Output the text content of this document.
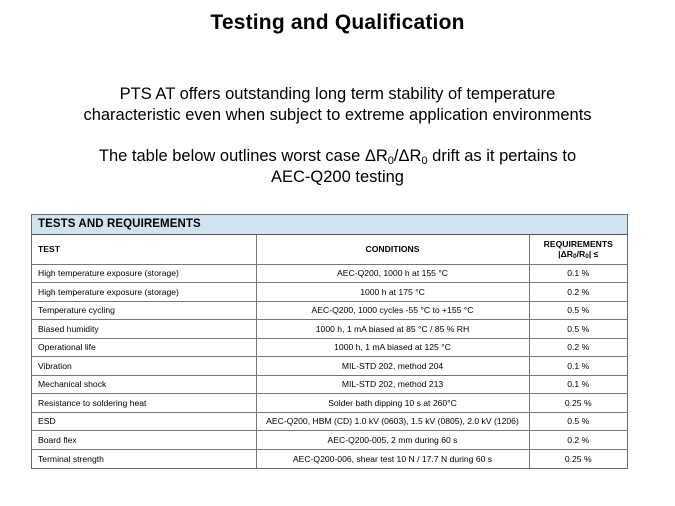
Testing and Qualification
PTS AT offers outstanding long term stability of temperature
characteristic even when subject to extreme application environments
The table below outlines worst case $\Delta R_0/\Delta R_0$ drift as it pertains to
AEC-Q200 testing
TESTS AND REQUIREMENTS		
TEST	CONDITIONS	REQUIREMENTS
$|\Delta R_0/R_0|$ ≤

High temperature exposure (storage)	AEC-Q200, 1000 h at 155 °C	0.1 %
High temperature exposure (storage)	1000 h at 175 °C	0.2 %
Temperature cycling	AEC-Q200, 1000 cycles -55 °C to +155 °C	0.5 %
Biased humidity	1000 h, 1 mA biased at 85 °C / 85 % RH	0.5 %
Operational life	1000 h, 1 mA biased at 125 °C	0.2 %
Vibration	MIL-STD 202, method 204	0.1 %
Mechanical shock	MIL-STD 202, method 213	0.1 %
Resistance to soldering heat	Solder bath dipping 10 s at 260°C	0.25 %
ESD	AEC-Q200, HBM (CD) 1.0 kV (0603), 1.5 kV (0805), 2.0 kV (1206)	0.5 %
Board flex	AEC-Q200-005, 2 mm during 60 s	0.2 %
Terminal strength	AEC-Q200-006, shear test 10 N / 17.7 N during 60 s	0.25 %
